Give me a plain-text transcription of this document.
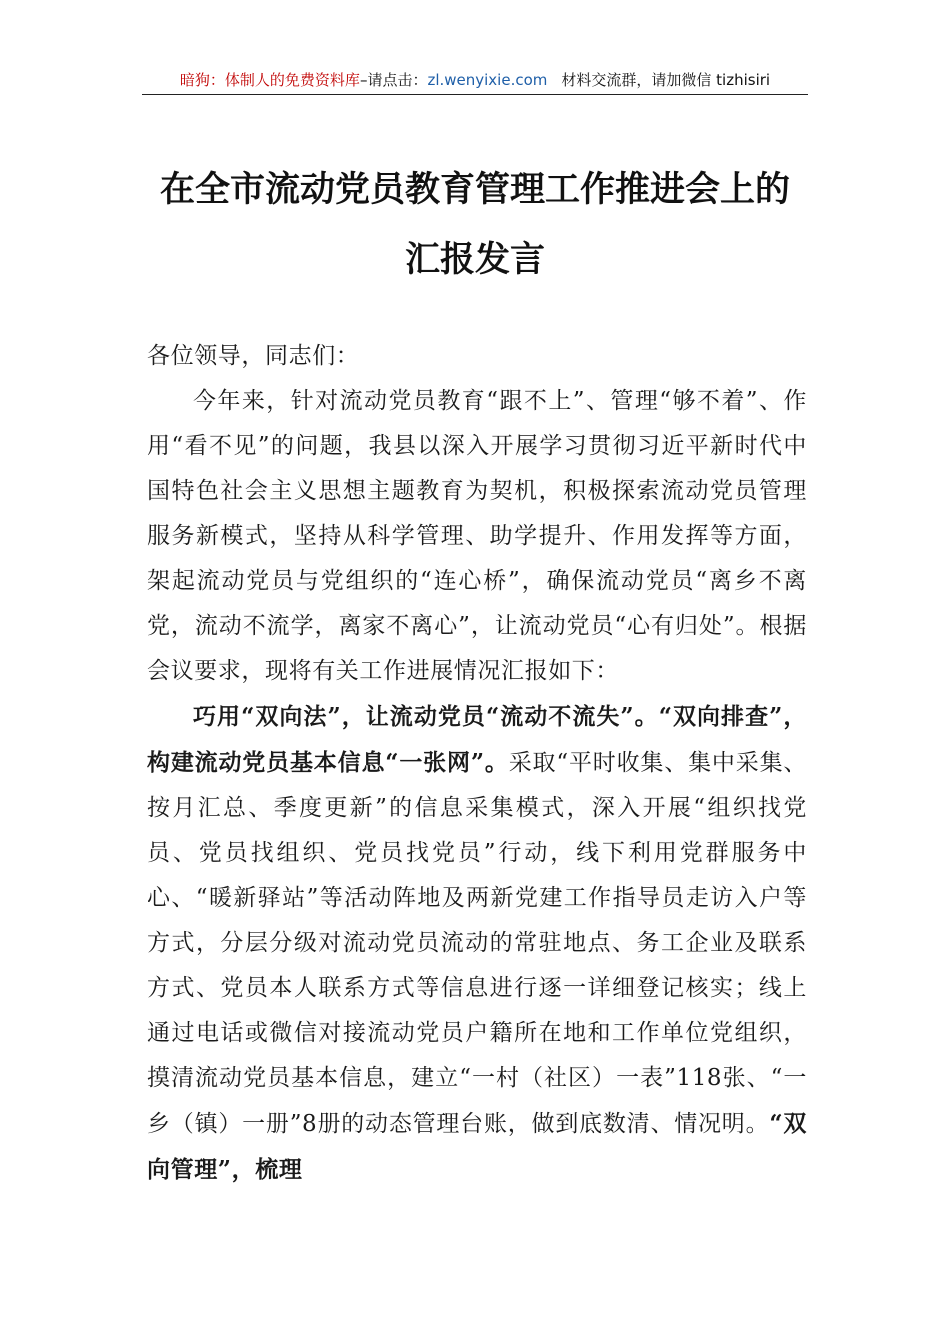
暗狗：体制人的免费资料库–请点击：zl.wenyixie.com 材料交流群，请加微信 tizhisiri
在全市流动党员教育管理工作推进会上的
汇报发言

各位领导，同志们：

今年来，针对流动党员教育“跟不上”、管理“够不着”、作用“看不见”的问题，我县以深入开展学习贯彻习近平新时代中国特色社会主义思想主题教育为契机，积极探索流动党员管理服务新模式，坚持从科学管理、助学提升、作用发挥等方面，架起流动党员与党组织的“连心桥”，确保流动党员“离乡不离党，流动不流学，离家不离心”，让流动党员“心有归处”。根据会议要求，现将有关工作进展情况汇报如下：

巧用“双向法”，让流动党员“流动不流失”。“双向排查”，构建流动党员基本信息“一张网”。采取“平时收集、集中采集、按月汇总、季度更新”的信息采集模式，深入开展“组织找党员、党员找组织、党员找党员”行动，线下利用党群服务中心、“暖新驿站”等活动阵地及两新党建工作指导员走访入户等方式，分层分级对流动党员流动的常驻地点、务工企业及联系方式、党员本人联系方式等信息进行逐一详细登记核实；线上通过电话或微信对接流动党员户籍所在地和工作单位党组织，摸清流动党员基本信息，建立“一村（社区）一表”118张、“一乡（镇）一册”8册的动态管理台账，做到底数清、情况明。“双向管理”，梳理
